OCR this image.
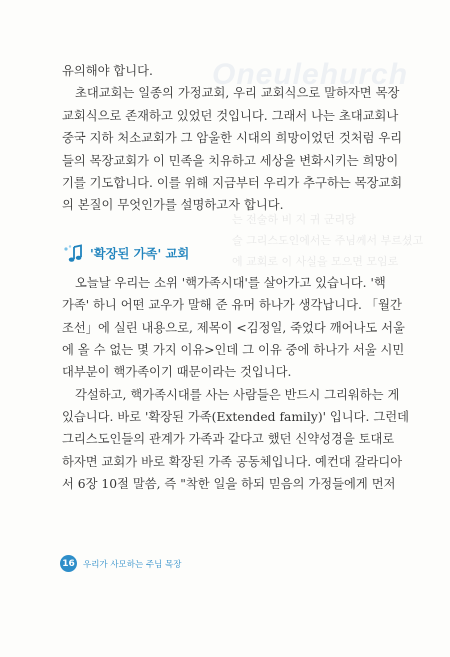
Oneulehurch
는 전술하 비 지 귀 군리당
슬 그리스도인에서는 주님께서 부르셨고
에 교회로 이 사실을 모으면 모임로
유의해야 합니다.
초대교회는 일종의 가정교회, 우리 교회식으로 말하자면 목장
교회식으로 존재하고 있었던 것입니다. 그래서 나는 초대교회나
중국 지하 처소교회가 그 암울한 시대의 희망이었던 것처럼 우리
들의 목장교회가 이 민족을 치유하고 세상을 변화시키는 희망이
기를 기도합니다. 이를 위해 지금부터 우리가 추구하는 목장교회
의 본질이 무엇인가를 설명하고자 합니다.
'확장된 가족' 교회
오늘날 우리는 소위 '핵가족시대'를 살아가고 있습니다. '핵
가족' 하니 어떤 교우가 말해 준 유머 하나가 생각납니다. 「월간
조선」에 실린 내용으로, 제목이 <김정일, 죽었다 깨어나도 서울
에 올 수 없는 몇 가지 이유>인데 그 이유 중에 하나가 서울 시민
대부분이 핵가족이기 때문이라는 것입니다.
각설하고, 핵가족시대를 사는 사람들은 반드시 그리워하는 게
있습니다. 바로 '확장된 가족(Extended family)' 입니다. 그런데
그리스도인들의 관계가 가족과 같다고 했던 신약성경을 토대로
하자면 교회가 바로 확장된 가족 공동체입니다. 예컨대 갈라디아
서 6장 10절 말씀, 즉 "착한 일을 하되 믿음의 가정들에게 먼저
16 우리가 사모하는 주님 목장
